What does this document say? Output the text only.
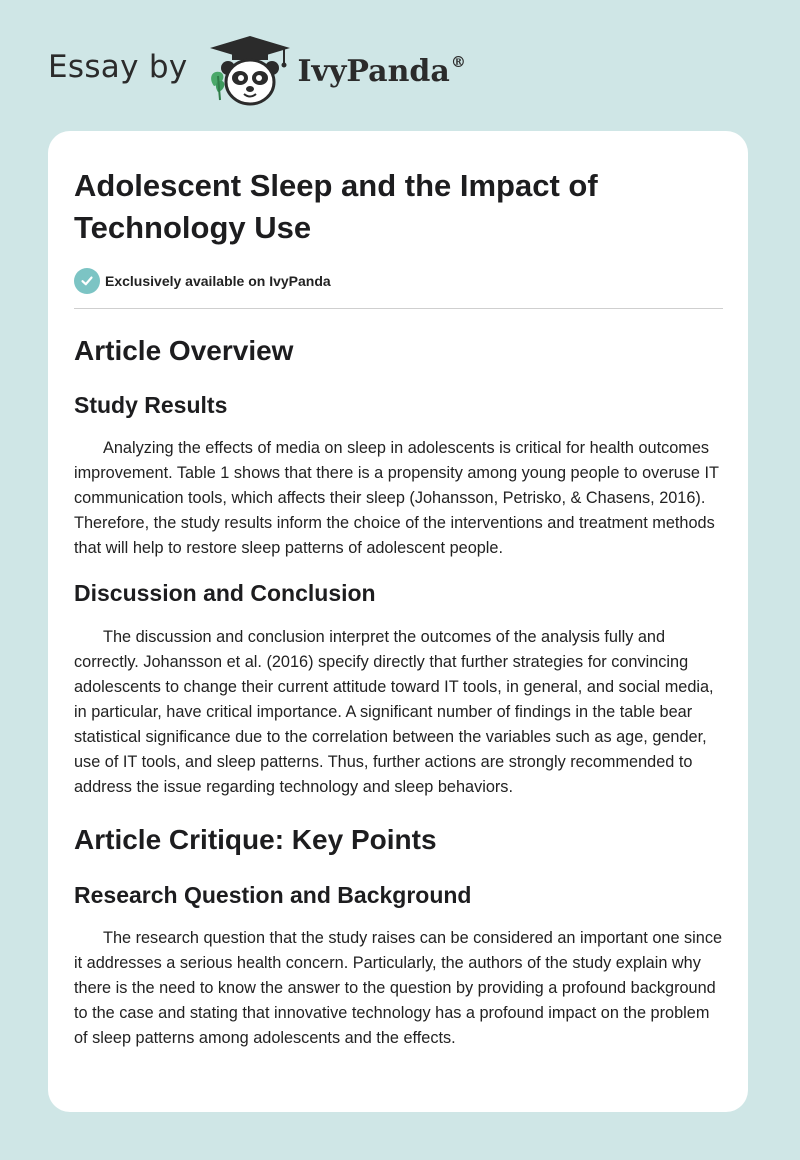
Essay by	IvyPanda®
Adolescent Sleep and the Impact of
Technology Use
Exclusively available on IvyPanda
Article Overview
Study Results

Analyzing the effects of media on sleep in adolescents is critical for health outcomes improvement. Table 1 shows that there is a propensity among young people to overuse IT communication tools, which affects their sleep (Johansson, Petrisko, & Chasens, 2016). Therefore, the study results inform the choice of the interventions and treatment methods that will help to restore sleep patterns of adolescent people.

Discussion and Conclusion

The discussion and conclusion interpret the outcomes of the analysis fully and correctly. Johansson et al. (2016) specify directly that further strategies for convincing adolescents to change their current attitude toward IT tools, in general, and social media, in particular, have critical importance. A significant number of findings in the table bear statistical significance due to the correlation between the variables such as age, gender, use of IT tools, and sleep patterns. Thus, further actions are strongly recommended to address the issue regarding technology and sleep behaviors.

Article Critique: Key Points
Research Question and Background

The research question that the study raises can be considered an important one since it addresses a serious health concern. Particularly, the authors of the study explain why there is the need to know the answer to the question by providing a profound background to the case and stating that innovative technology has a profound impact on the problem of sleep patterns among adolescents and the effects.
